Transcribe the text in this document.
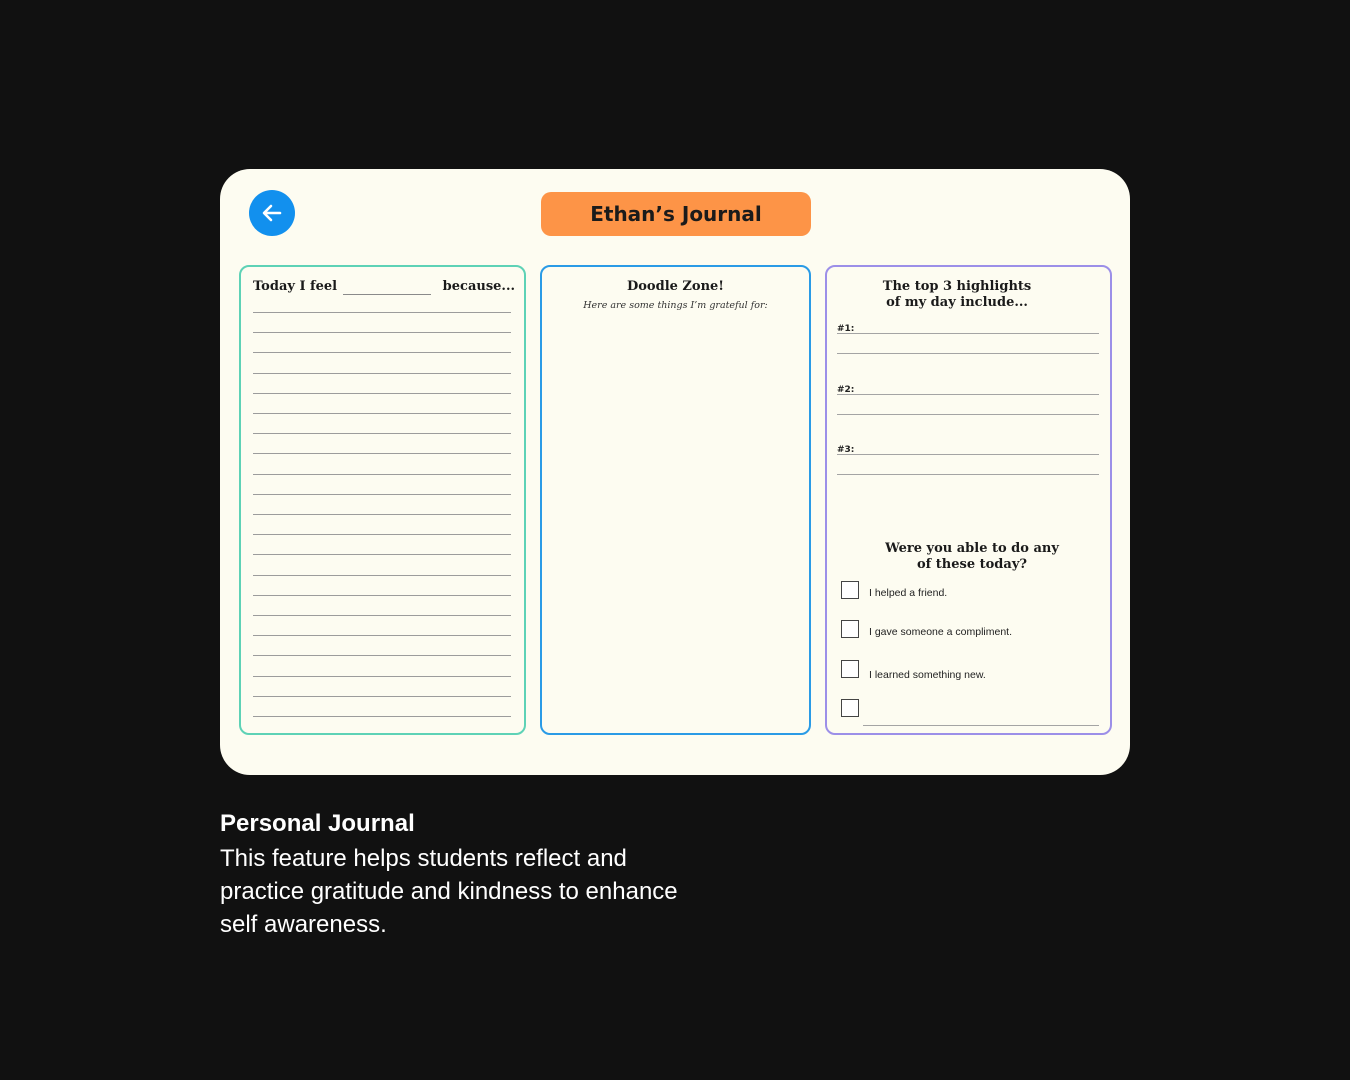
Ethan’s Journal
Today I feel	because...	Doodle Zone!
Here are some things I’m grateful for:
The top 3 highlights
of my day include...
#1:
#2:
#3:
Were you able to do any
of these today?
I helped a friend.
I gave someone a compliment.
I learned something new.
Personal Journal
This feature helps students reflect and practice gratitude and kindness to enhance self awareness.
